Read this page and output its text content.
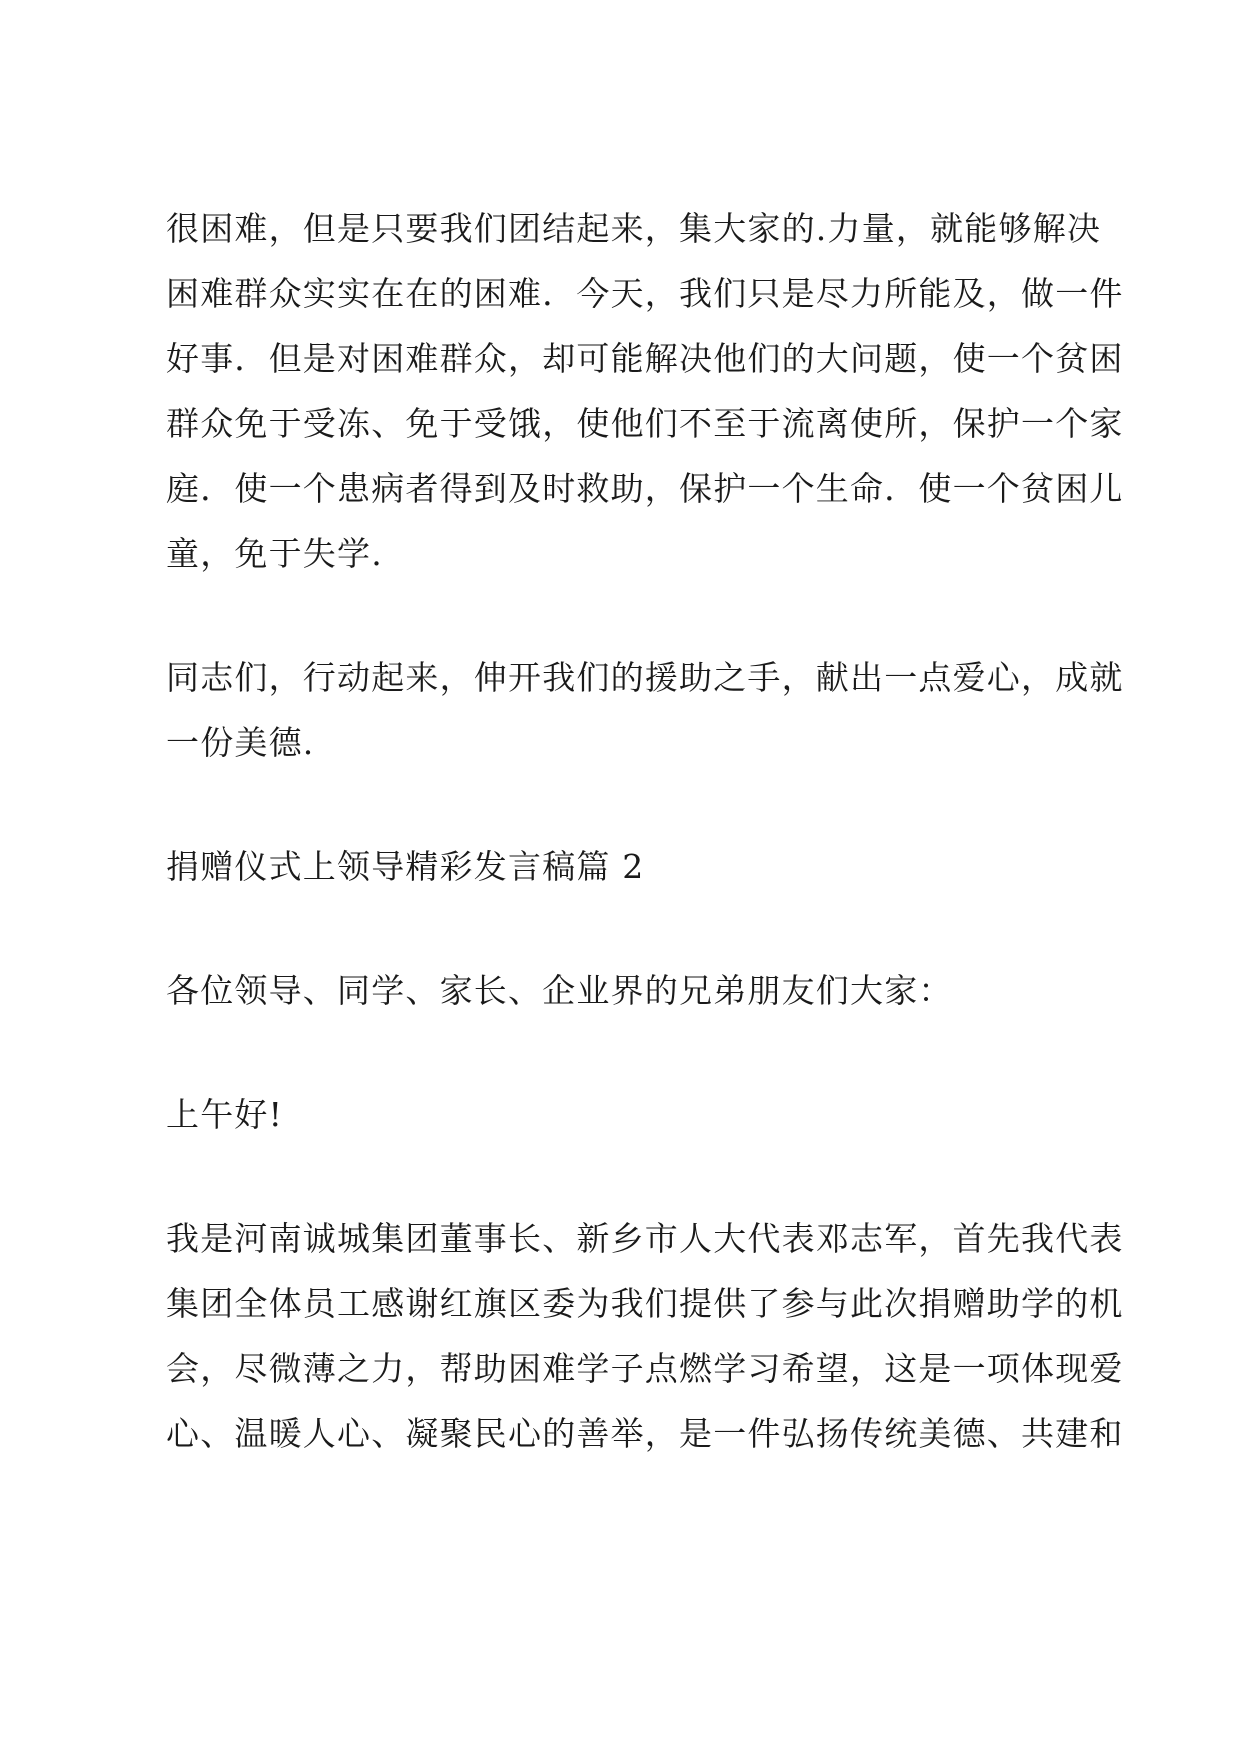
很困难，但是只要我们团结起来，集大家的.力量，就能够解决
困难群众实实在在的困难．今天，我们只是尽力所能及，做一件
好事．但是对困难群众，却可能解决他们的大问题，使一个贫困
群众免于受冻、免于受饿，使他们不至于流离使所，保护一个家
庭．使一个患病者得到及时救助，保护一个生命．使一个贫困儿
童，免于失学.
同志们，行动起来，伸开我们的援助之手，献出一点爱心，成就
一份美德.
捐赠仪式上领导精彩发言稿篇 2
各位领导、同学、家长、企业界的兄弟朋友们大家：
上午好!
我是河南诚城集团董事长、新乡市人大代表邓志军，首先我代表
集团全体员工感谢红旗区委为我们提供了参与此次捐赠助学的机
会，尽微薄之力，帮助困难学子点燃学习希望，这是一项体现爱
心、温暖人心、凝聚民心的善举，是一件弘扬传统美德、共建和
